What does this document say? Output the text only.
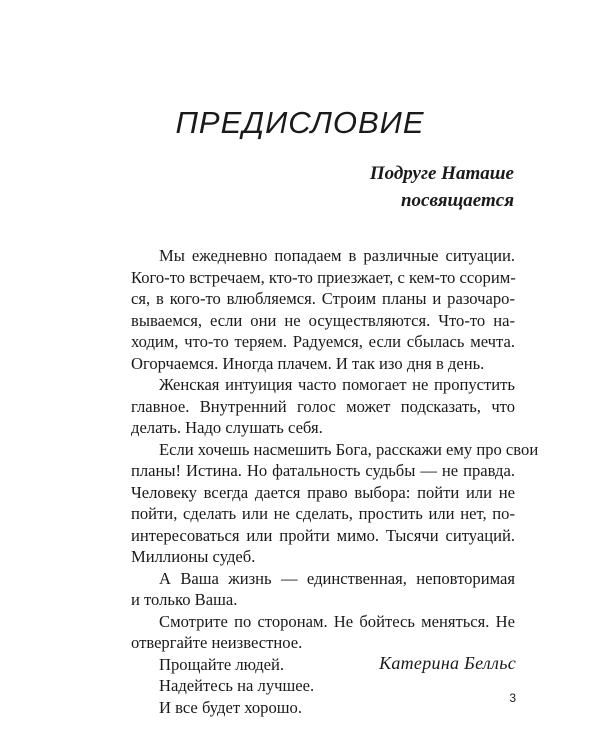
ПРЕДИСЛОВИЕ
Подруге Наташе
посвящается

Мы ежедневно попадаем в различные ситуации.
Кого-то встречаем, кто-то приезжает, с кем-то ссорим-
ся, в кого-то влюбляемся. Строим планы и разочаро-
вываемся, если они не осуществляются. Что-то на-
ходим, что-то теряем. Радуемся, если сбылась мечта.
Огорчаемся. Иногда плачем. И так изо дня в день.

Женская интуиция часто помогает не пропустить
главное. Внутренний голос может подсказать, что
делать. Надо слушать себя.

Если хочешь насмешить Бога, расскажи ему про свои
планы! Истина. Но фатальность судьбы — не правда.
Человеку всегда дается право выбора: пойти или не
пойти, сделать или не сделать, простить или нет, по-
интересоваться или пройти мимо. Тысячи ситуаций.
Миллионы судеб.

А Ваша жизнь — единственная, неповторимая
и только Ваша.

Смотрите по сторонам. Не бойтесь меняться. Не
отвергайте неизвестное.

Прощайте людей.

Надейтесь на лучшее.

И все будет хорошо.

Катерина Белльс
3
